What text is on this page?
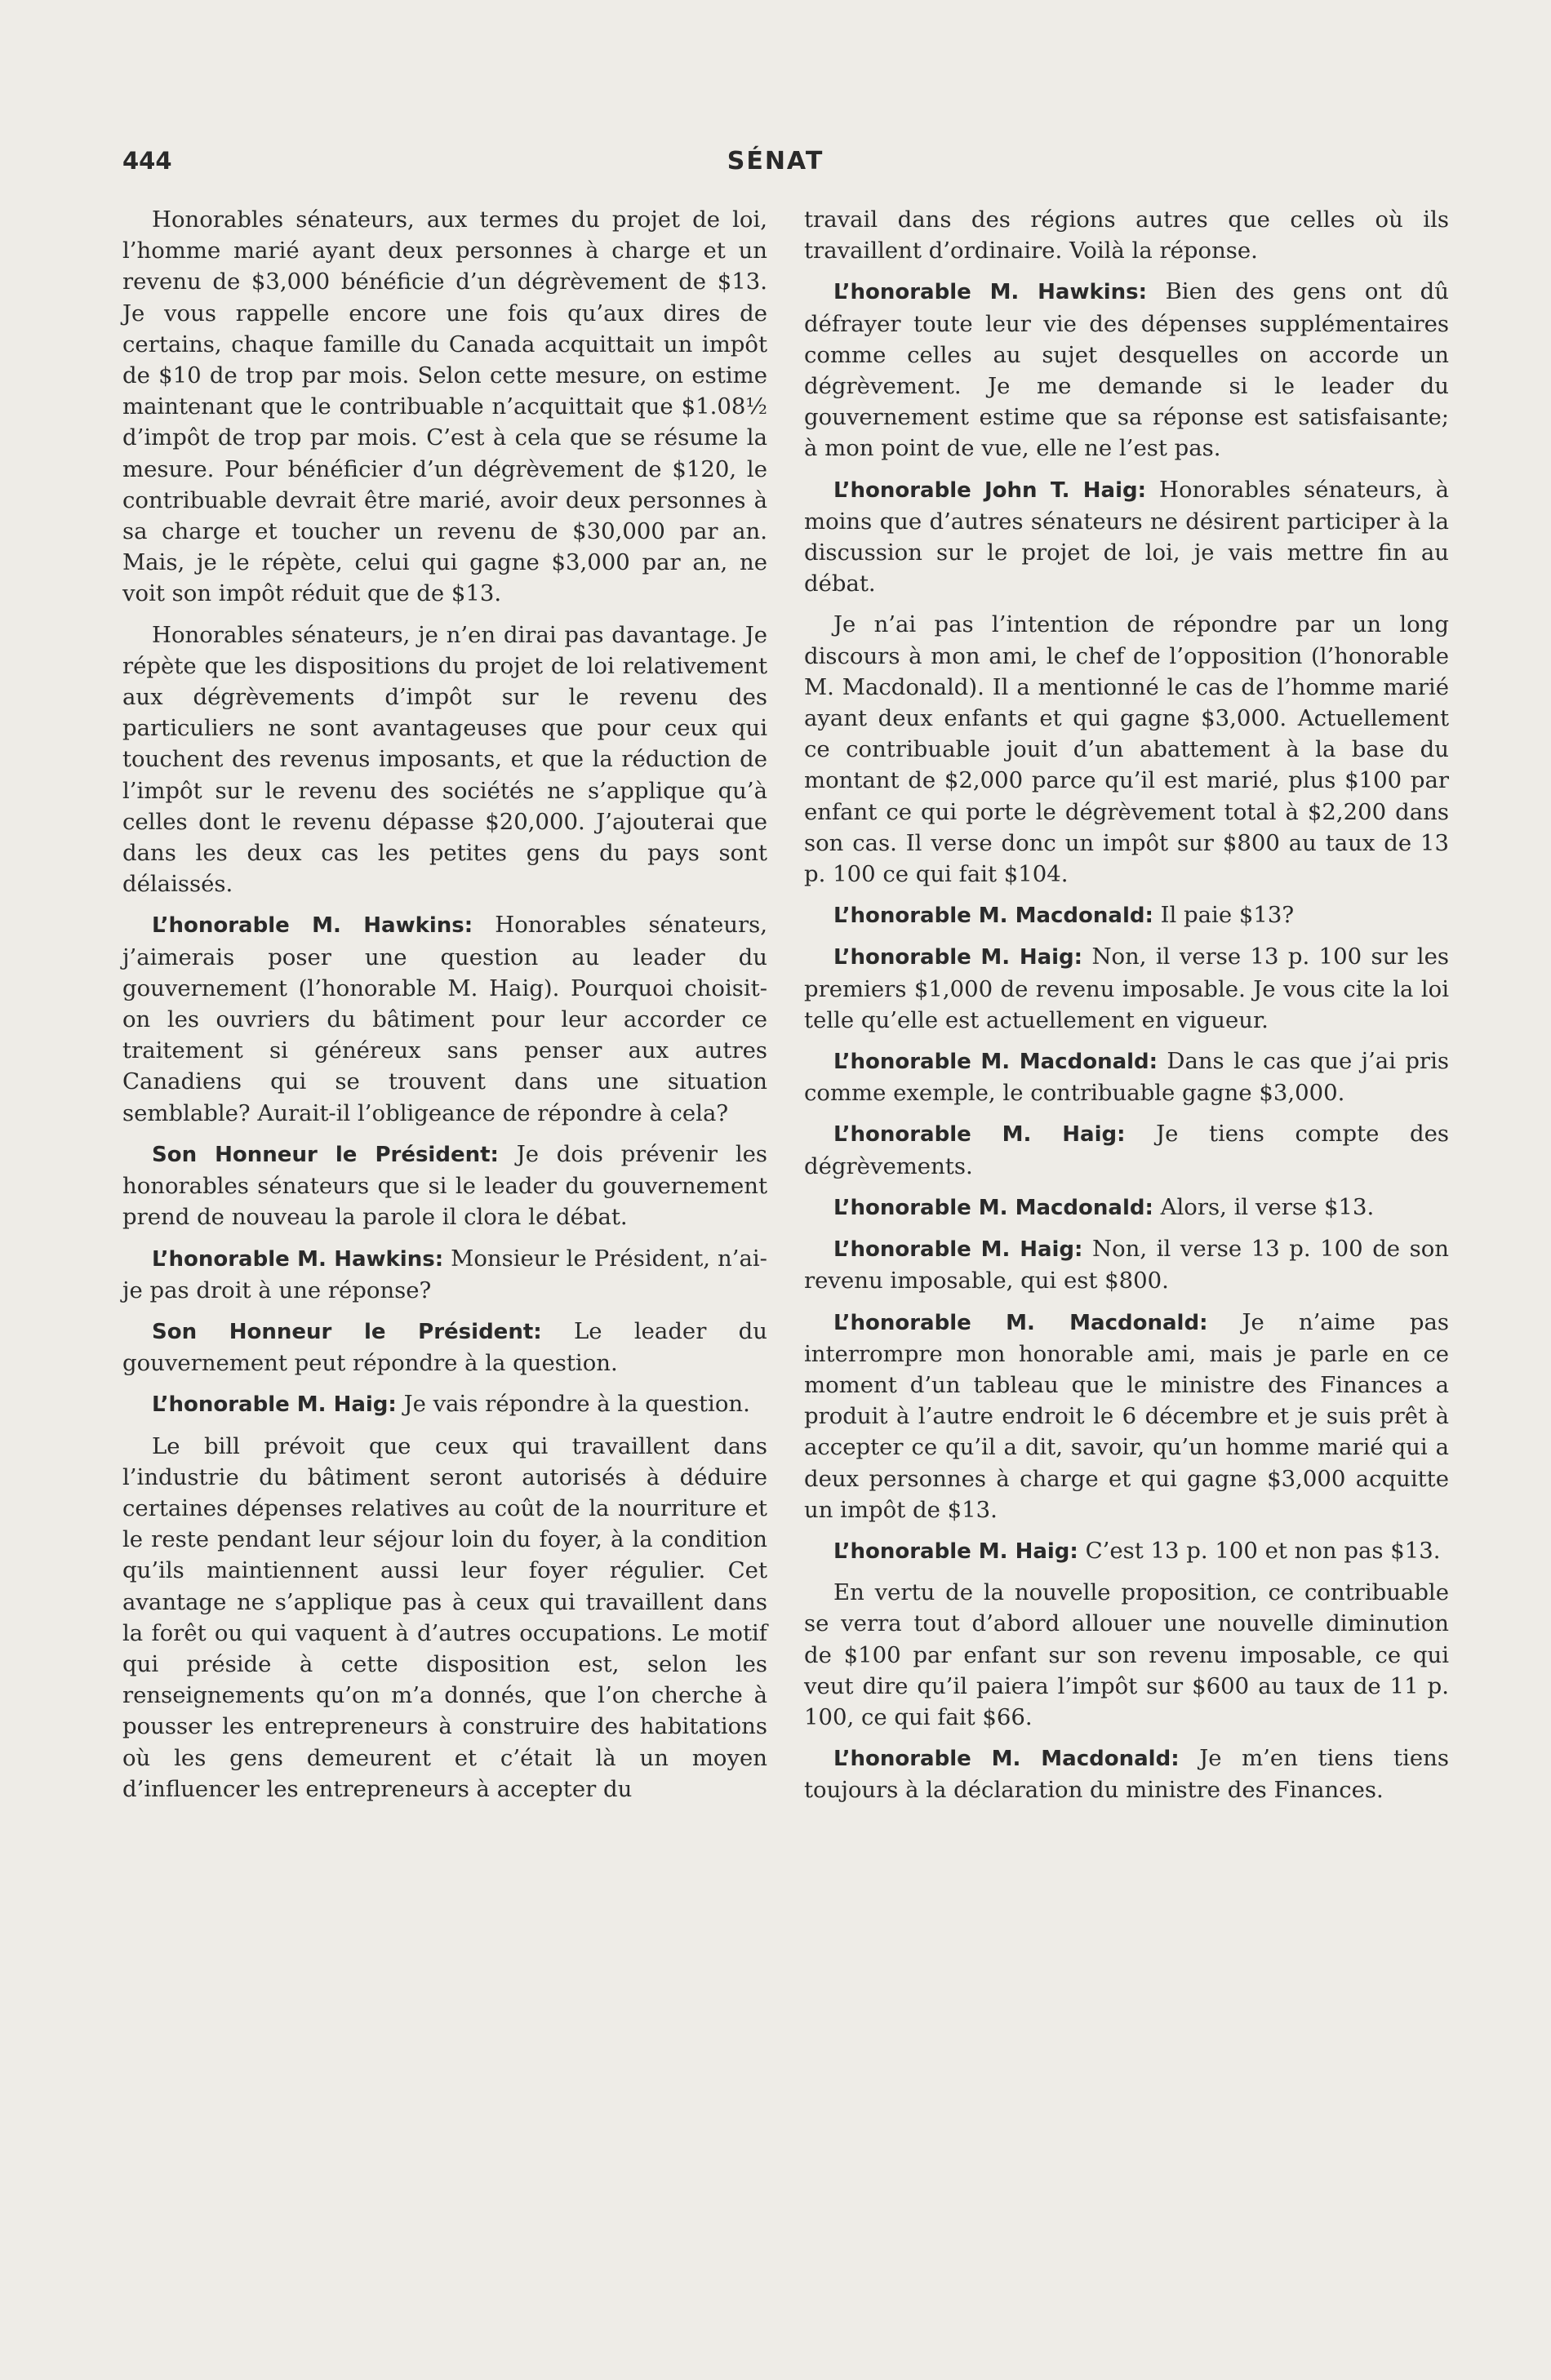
444	SÉNAT

Honorables sénateurs, aux termes du projet de loi, l’homme marié ayant deux personnes à charge et un revenu de $3,000 bénéficie d’un dégrèvement de $13. Je vous rappelle encore une fois qu’aux dires de certains, chaque famille du Canada acquittait un impôt de $10 de trop par mois. Selon cette mesure, on estime maintenant que le contribuable n’acquittait que $1.08½ d’impôt de trop par mois. C’est à cela que se résume la mesure. Pour bénéficier d’un dégrèvement de $120, le contribuable devrait être marié, avoir deux personnes à sa charge et toucher un revenu de $30,000 par an. Mais, je le répète, celui qui gagne $3,000 par an, ne voit son impôt réduit que de $13.

Honorables sénateurs, je n’en dirai pas davantage. Je répète que les dispositions du projet de loi relativement aux dégrèvements d’impôt sur le revenu des particuliers ne sont avantageuses que pour ceux qui touchent des revenus imposants, et que la réduction de l’impôt sur le revenu des sociétés ne s’applique qu’à celles dont le revenu dépasse $20,000. J’ajouterai que dans les deux cas les petites gens du pays sont délaissés.

L’honorable M. Hawkins: Honorables sénateurs, j’aimerais poser une question au leader du gouvernement (l’honorable M. Haig). Pourquoi choisit-on les ouvriers du bâtiment pour leur accorder ce traitement si généreux sans penser aux autres Canadiens qui se trouvent dans une situation semblable? Aurait-il l’obligeance de répondre à cela?

Son Honneur le Président: Je dois prévenir les honorables sénateurs que si le leader du gouvernement prend de nouveau la parole il clora le débat.

L’honorable M. Hawkins: Monsieur le Président, n’ai-je pas droit à une réponse?

Son Honneur le Président: Le leader du gouvernement peut répondre à la question.

L’honorable M. Haig: Je vais répondre à la question.

Le bill prévoit que ceux qui travaillent dans l’industrie du bâtiment seront autorisés à déduire certaines dépenses relatives au coût de la nourriture et le reste pendant leur séjour loin du foyer, à la condition qu’ils maintiennent aussi leur foyer régulier. Cet avantage ne s’applique pas à ceux qui travaillent dans la forêt ou qui vaquent à d’autres occupations. Le motif qui préside à cette disposition est, selon les renseignements qu’on m’a donnés, que l’on cherche à pousser les entrepreneurs à construire des habitations où les gens demeurent et c’était là un moyen d’influencer les entrepreneurs à accepter du

travail dans des régions autres que celles où ils travaillent d’ordinaire. Voilà la réponse.

L’honorable M. Hawkins: Bien des gens ont dû défrayer toute leur vie des dépenses supplémentaires comme celles au sujet desquelles on accorde un dégrèvement. Je me demande si le leader du gouvernement estime que sa réponse est satisfaisante; à mon point de vue, elle ne l’est pas.

L’honorable John T. Haig: Honorables sénateurs, à moins que d’autres sénateurs ne désirent participer à la discussion sur le projet de loi, je vais mettre fin au débat.

Je n’ai pas l’intention de répondre par un long discours à mon ami, le chef de l’opposition (l’honorable M. Macdonald). Il a mentionné le cas de l’homme marié ayant deux enfants et qui gagne $3,000. Actuellement ce contribuable jouit d’un abattement à la base du montant de $2,000 parce qu’il est marié, plus $100 par enfant ce qui porte le dégrèvement total à $2,200 dans son cas. Il verse donc un impôt sur $800 au taux de 13 p. 100 ce qui fait $104.

L’honorable M. Macdonald: Il paie $13?

L’honorable M. Haig: Non, il verse 13 p. 100 sur les premiers $1,000 de revenu imposable. Je vous cite la loi telle qu’elle est actuellement en vigueur.

L’honorable M. Macdonald: Dans le cas que j’ai pris comme exemple, le contribuable gagne $3,000.

L’honorable M. Haig: Je tiens compte des dégrèvements.

L’honorable M. Macdonald: Alors, il verse $13.

L’honorable M. Haig: Non, il verse 13 p. 100 de son revenu imposable, qui est $800.

L’honorable M. Macdonald: Je n’aime pas interrompre mon honorable ami, mais je parle en ce moment d’un tableau que le ministre des Finances a produit à l’autre endroit le 6 décembre et je suis prêt à accepter ce qu’il a dit, savoir, qu’un homme marié qui a deux personnes à charge et qui gagne $3,000 acquitte un impôt de $13.

L’honorable M. Haig: C’est 13 p. 100 et non pas $13.

En vertu de la nouvelle proposition, ce contribuable se verra tout d’abord allouer une nouvelle diminution de $100 par enfant sur son revenu imposable, ce qui veut dire qu’il paiera l’impôt sur $600 au taux de 11 p. 100, ce qui fait $66.

L’honorable M. Macdonald: Je m’en tiens tiens toujours à la déclaration du ministre des Finances.
